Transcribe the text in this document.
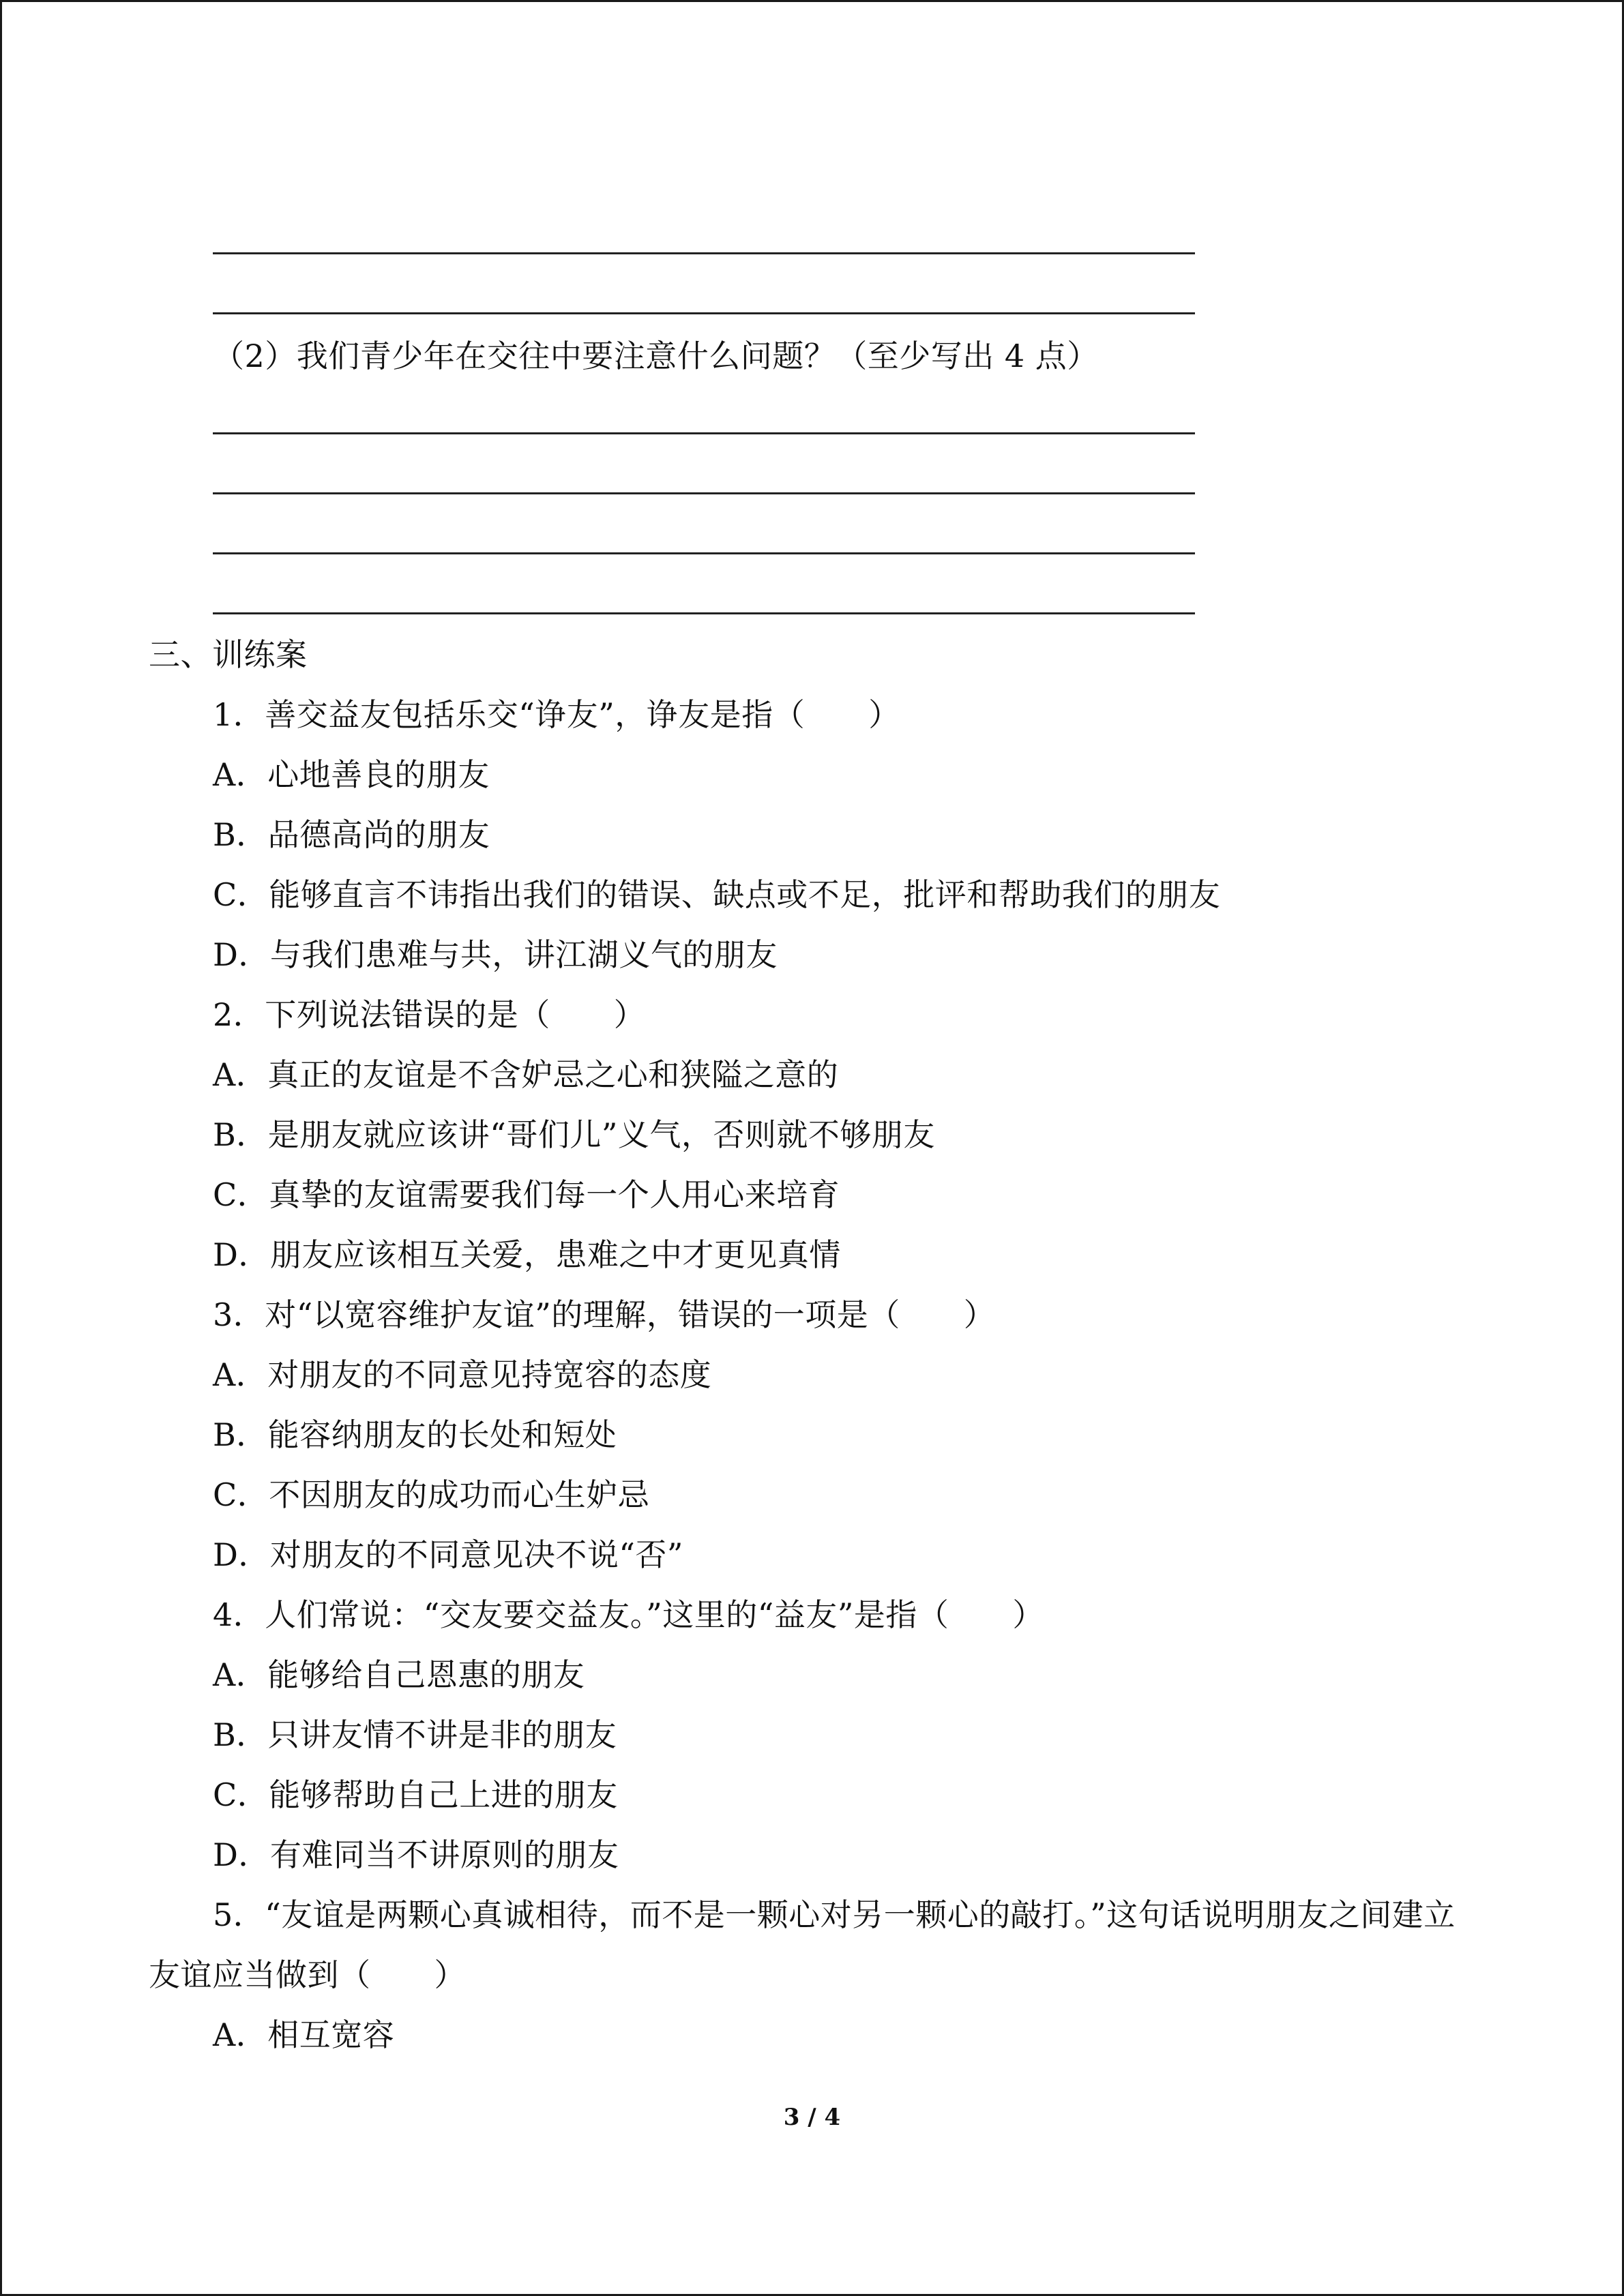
（2）我们青少年在交往中要注意什么问题？（至少写出 4 点）
三、训练案
1．善交益友包括乐交“诤友”，诤友是指（　　）
A．心地善良的朋友
B．品德高尚的朋友
C．能够直言不讳指出我们的错误、缺点或不足，批评和帮助我们的朋友
D．与我们患难与共，讲江湖义气的朋友
2．下列说法错误的是（　　）
A．真正的友谊是不含妒忌之心和狭隘之意的
B．是朋友就应该讲“哥们儿”义气，否则就不够朋友
C．真挚的友谊需要我们每一个人用心来培育
D．朋友应该相互关爱，患难之中才更见真情
3．对“以宽容维护友谊”的理解，错误的一项是（　　）
A．对朋友的不同意见持宽容的态度
B．能容纳朋友的长处和短处
C．不因朋友的成功而心生妒忌
D．对朋友的不同意见决不说“否”
4．人们常说：“交友要交益友。”这里的“益友”是指（　　）
A．能够给自己恩惠的朋友
B．只讲友情不讲是非的朋友
C．能够帮助自己上进的朋友
D．有难同当不讲原则的朋友
5．“友谊是两颗心真诚相待，而不是一颗心对另一颗心的敲打。”这句话说明朋友之间建立友谊应当做到（　　）
A．相互宽容
3 / 4
